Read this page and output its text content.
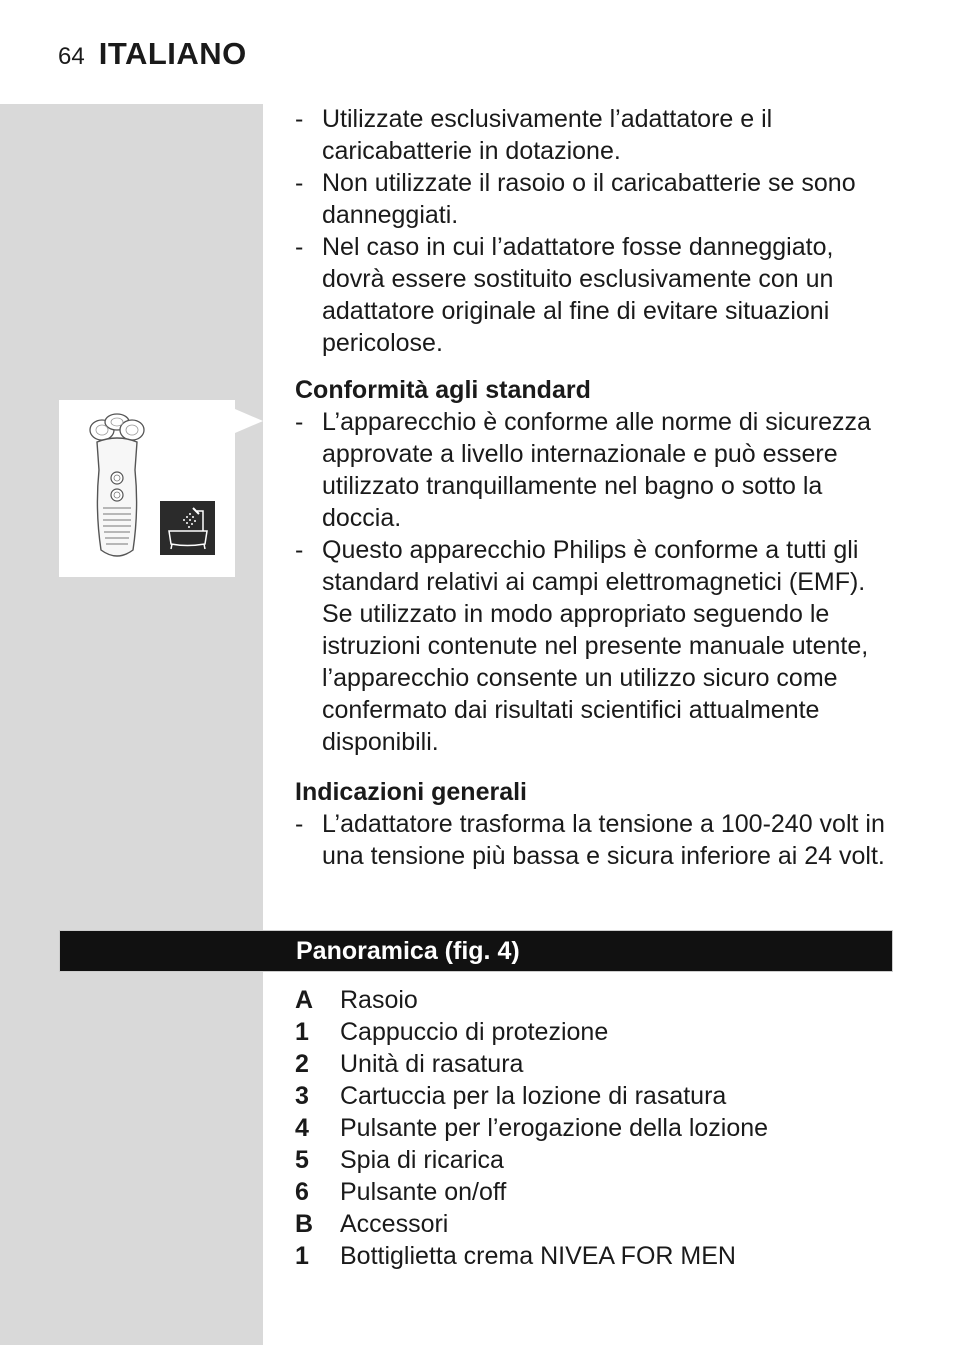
64 ITALIANO
- Utilizzate esclusivamente l’adattatore e il caricabatterie in dotazione.
- Non utilizzate il rasoio o il caricabatterie se sono danneggiati.
- Nel caso in cui l’adattatore fosse danneggiato, dovrà essere sostituito esclusivamente con un adattatore originale al fine di evitare situazioni pericolose.
Conformità agli standard
- L’apparecchio è conforme alle norme di sicurezza approvate a livello internazionale e può essere utilizzato tranquillamente nel bagno o sotto la doccia.
- Questo apparecchio Philips è conforme a tutti gli standard relativi ai campi elettromagnetici (EMF). Se utilizzato in modo appropriato seguendo le istruzioni contenute nel presente manuale utente, l’apparecchio consente un utilizzo sicuro come confermato dai risultati scientifici attualmente disponibili.
Indicazioni generali
- L’adattatore trasforma la tensione a 100-240 volt in una tensione più bassa e sicura inferiore ai 24 volt.
Panoramica (fig. 4)
A	Rasoio
1	Cappuccio di protezione
2	Unità di rasatura
3	Cartuccia per la lozione di rasatura
4	Pulsante per l’erogazione della lozione
5	Spia di ricarica
6	Pulsante on/off
B	Accessori
1	Bottiglietta crema NIVEA FOR MEN
